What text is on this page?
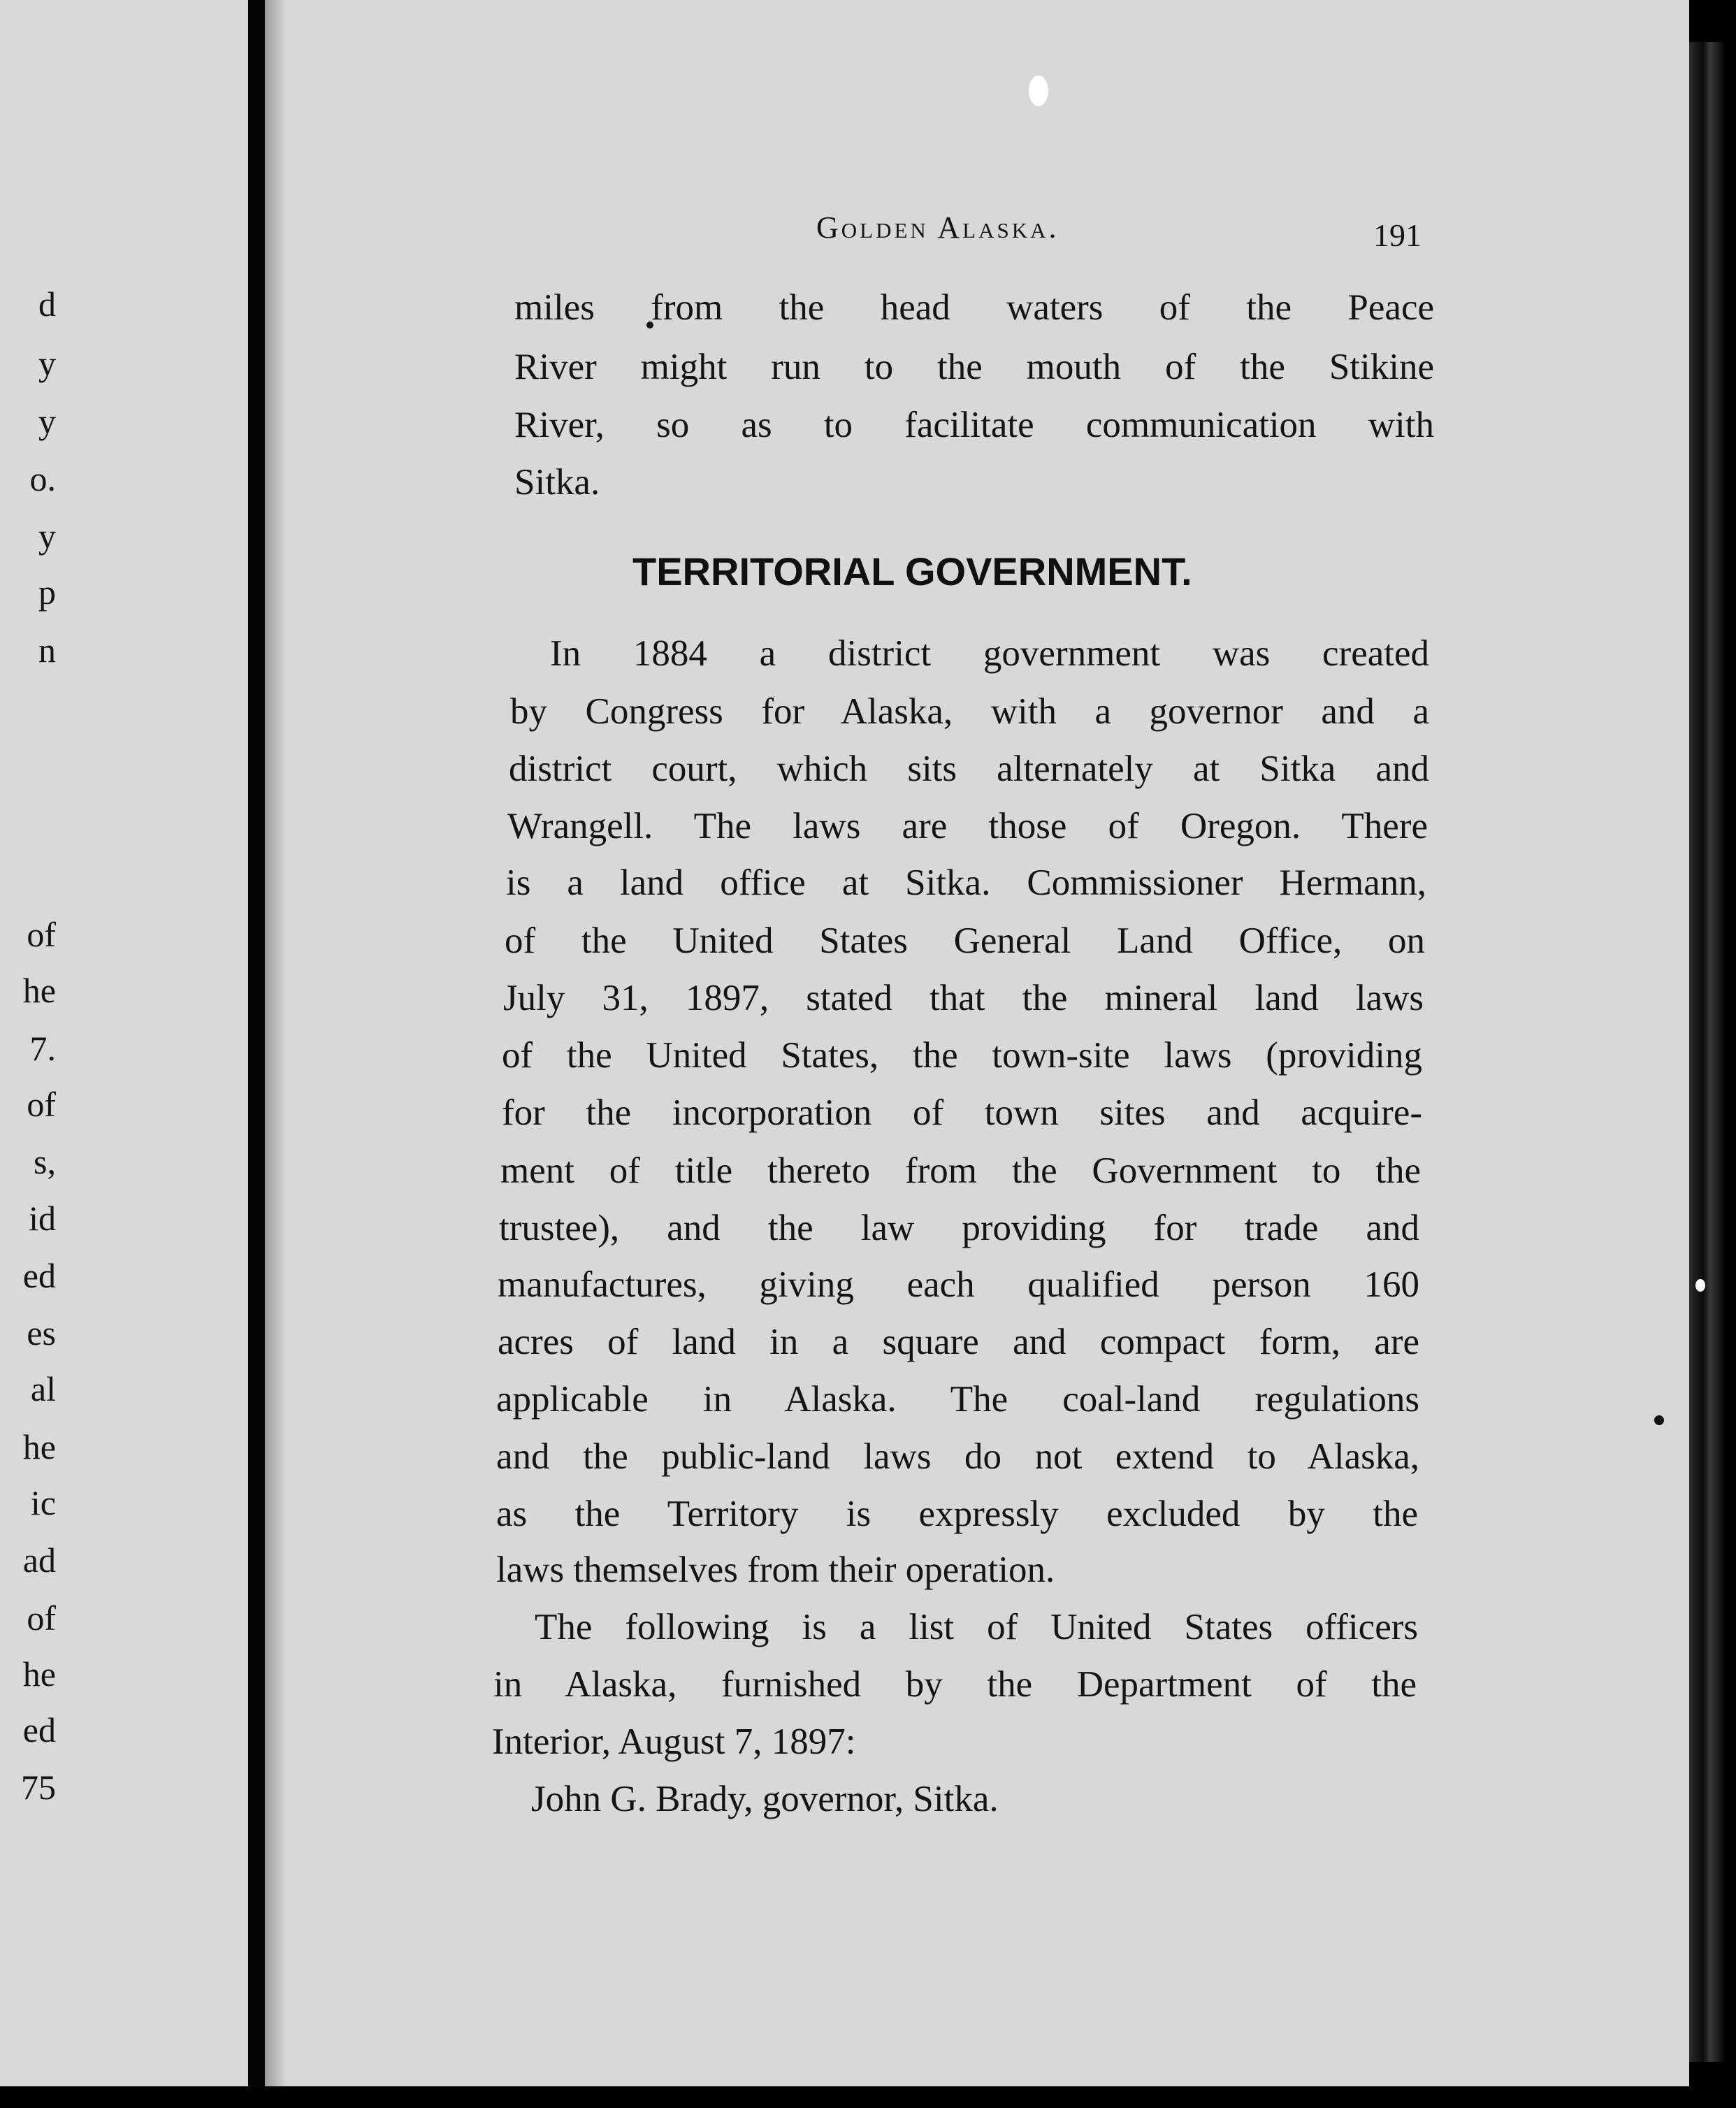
d
y
y
o.
y
p
n
of
he
7.
of
s,
id
ed
es
al
he
ic
ad
of
he
ed
75
Golden Alaska.	191
miles from the head waters of the Peace
River might run to the mouth of the Stikine
River, so as to facilitate communication with
Sitka.
TERRITORIAL GOVERNMENT.
In 1884 a district government was created
by Congress for Alaska, with a governor and a
district court, which sits alternately at Sitka and
Wrangell. The laws are those of Oregon. There
is a land office at Sitka. Commissioner Hermann,
of the United States General Land Office, on
July 31, 1897, stated that the mineral land laws
of the United States, the town-site laws (providing
for the incorporation of town sites and acquire-
ment of title thereto from the Government to the
trustee), and the law providing for trade and
manufactures, giving each qualified person 160
acres of land in a square and compact form, are
applicable in Alaska. The coal-land regulations
and the public-land laws do not extend to Alaska,
as the Territory is expressly excluded by the
laws themselves from their operation.
The following is a list of United States officers
in Alaska, furnished by the Department of the
Interior, August 7, 1897:
John G. Brady, governor, Sitka.
